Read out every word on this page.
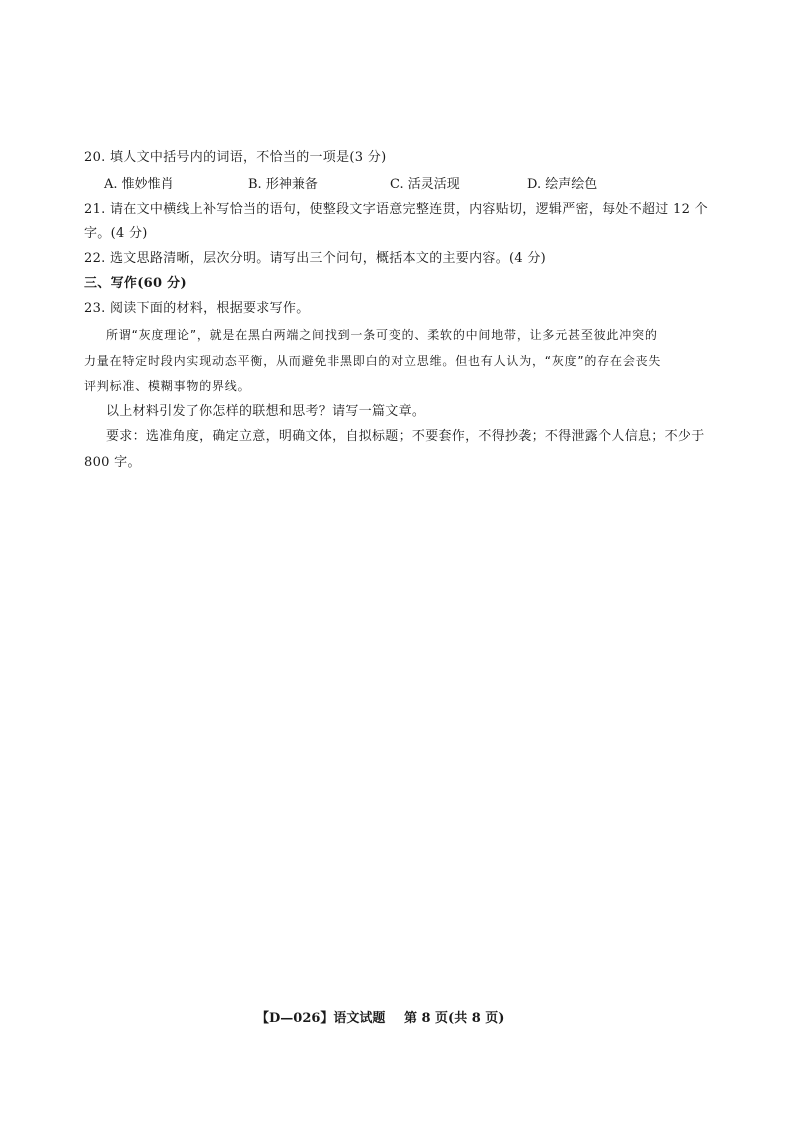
20. 填人文中括号内的词语，不恰当的一项是(3 分)
A. 惟妙惟肖	B. 形神兼备	C. 活灵活现	D. 绘声绘色
21. 请在文中横线上补写恰当的语句，使整段文字语意完整连贯，内容贴切，逻辑严密，每处不超过 12 个
字。(4 分)
22. 选文思路清晰，层次分明。请写出三个问句，概括本文的主要内容。(4 分)
三、写作(60 分)
23. 阅读下面的材料，根据要求写作。
所谓“灰度理论”，就是在黑白两端之间找到一条可变的、柔软的中间地带，让多元甚至彼此冲突的
力量在特定时段内实现动态平衡，从而避免非黑即白的对立思维。但也有人认为，“灰度”的存在会丧失
评判标准、模糊事物的界线。
以上材料引发了你怎样的联想和思考？请写一篇文章。
要求：选准角度，确定立意，明确文体，自拟标题；不要套作，不得抄袭；不得泄露个人信息；不少于
800 字。
【D—026】语文试题 第 8 页(共 8 页)
